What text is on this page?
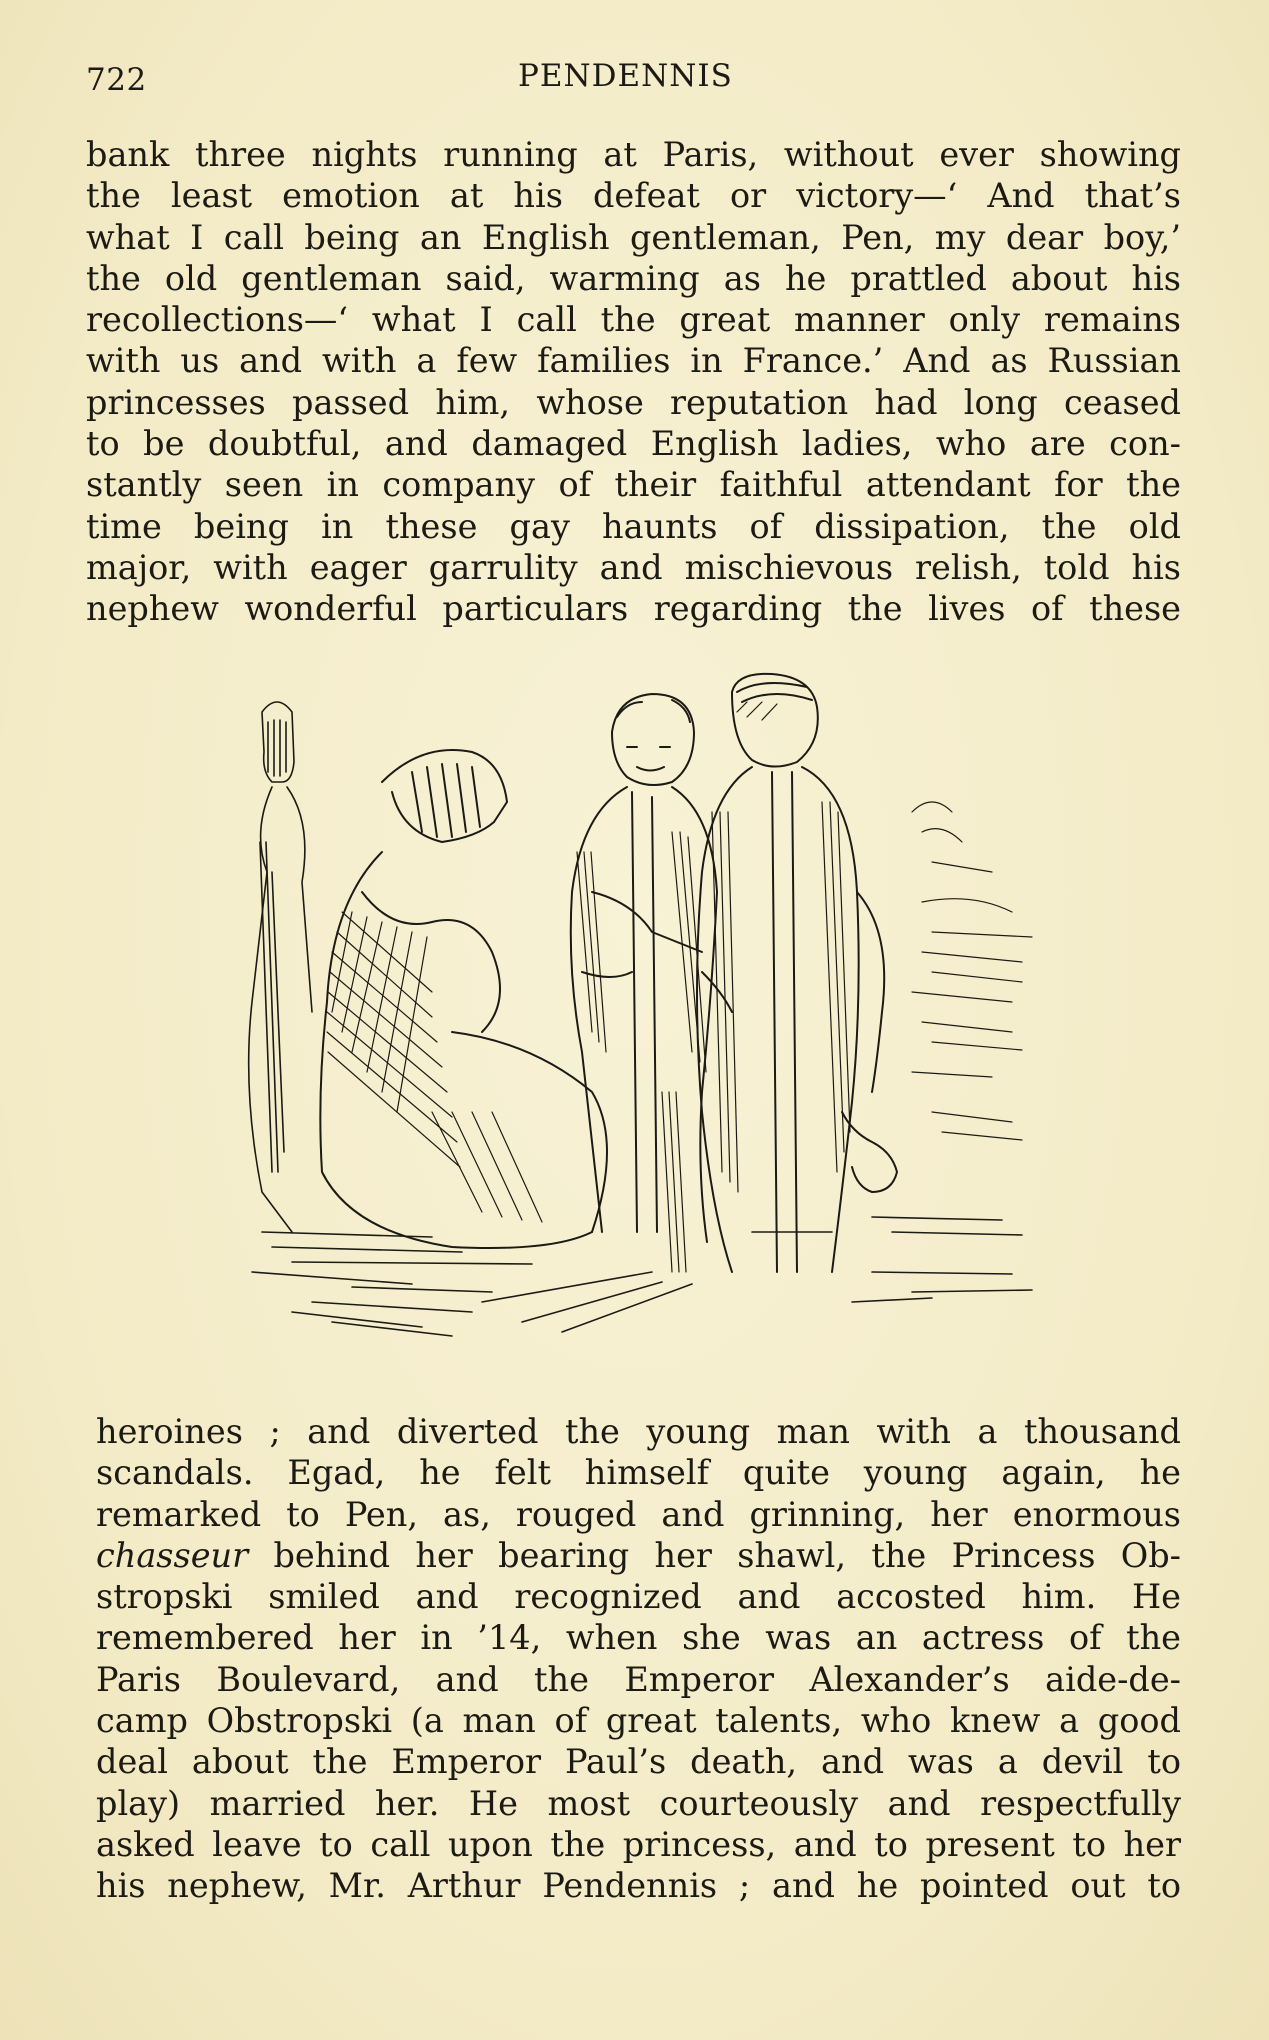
722	PENDENNIS
bank three nights running at Paris, without ever showing
the least emotion at his defeat or victory—‘ And that’s
what I call being an English gentleman, Pen, my dear boy,’
the old gentleman said, warming as he prattled about his
recollections—‘ what I call the great manner only remains
with us and with a few families in France.’ And as Russian
princesses passed him, whose reputation had long ceased
to be doubtful, and damaged English ladies, who are con-
stantly seen in company of their faithful attendant for the
time being in these gay haunts of dissipation, the old
major, with eager garrulity and mischievous relish, told his
nephew wonderful particulars regarding the lives of these
heroines ; and diverted the young man with a thousand
scandals. Egad, he felt himself quite young again, he
remarked to Pen, as, rouged and grinning, her enormous
chasseur behind her bearing her shawl, the Princess Ob-
stropski smiled and recognized and accosted him. He
remembered her in ’14, when she was an actress of the
Paris Boulevard, and the Emperor Alexander’s aide-de-
camp Obstropski (a man of great talents, who knew a good
deal about the Emperor Paul’s death, and was a devil to
play) married her. He most courteously and respectfully
asked leave to call upon the princess, and to present to her
his nephew, Mr. Arthur Pendennis ; and he pointed out to
